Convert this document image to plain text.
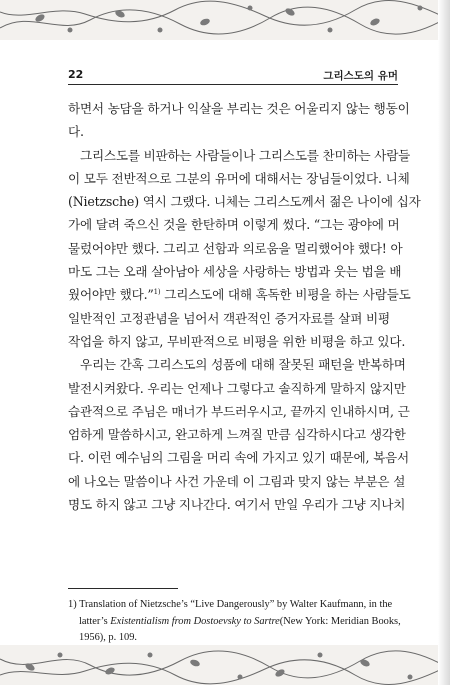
22	그리스도의 유머
하면서 농담을 하거나 익살을 부리는 것은 어울리지 않는 행동이
다.
그리스도를 비판하는 사람들이나 그리스도를 찬미하는 사람들
이 모두 전반적으로 그분의 유머에 대해서는 장님들이었다. 니체
(Nietzsche) 역시 그랬다. 니체는 그리스도께서 젊은 나이에 십자
가에 달려 죽으신 것을 한탄하며 이렇게 썼다. “그는 광야에 머
물렀어야만 했다. 그리고 선함과 의로움을 멀리했어야 했다! 아
마도 그는 오래 살아남아 세상을 사랑하는 방법과 웃는 법을 배
웠어야만 했다.”$^{1)}$ 그리스도에 대해 혹독한 비평을 하는 사람들도
일반적인 고정관념을 넘어서 객관적인 증거자료를 살펴 비평
작업을 하지 않고, 무비판적으로 비평을 위한 비평을 하고 있다.
우리는 간혹 그리스도의 성품에 대해 잘못된 패턴을 반복하며
발전시켜왔다. 우리는 언제나 그렇다고 솔직하게 말하지 않지만
습관적으로 주님은 매너가 부드러우시고, 끝까지 인내하시며, 근
엄하게 말씀하시고, 완고하게 느껴질 만큼 심각하시다고 생각한
다. 이런 예수님의 그림을 머리 속에 가지고 있기 때문에, 복음서
에 나오는 말씀이나 사건 가운데 이 그림과 맞지 않는 부분은 설
명도 하지 않고 그냥 지나간다. 여기서 만일 우리가 그냥 지나치
1) Translation of Nietzsche’s “Live Dangerously” by Walter Kaufmann, in the
latter’s Existentialism from Dostoevsky to Sartre(New York: Meridian Books,
1956), p. 109.
